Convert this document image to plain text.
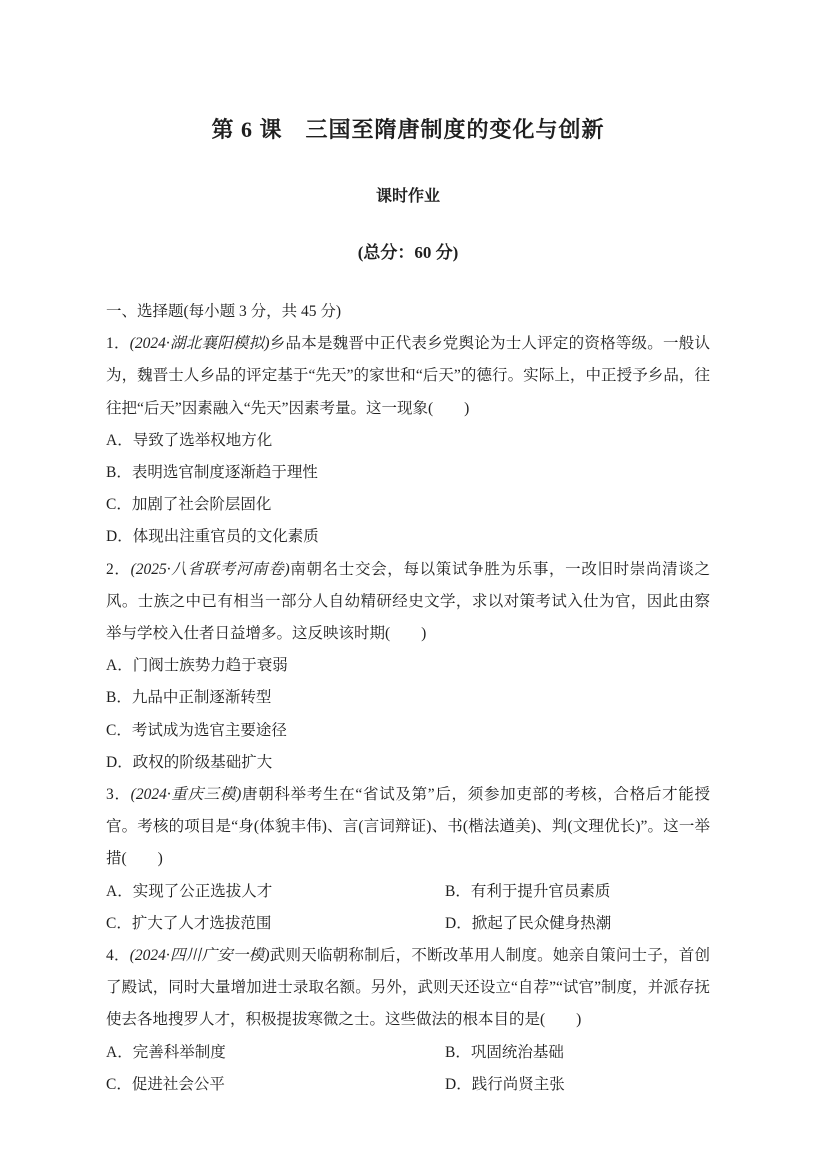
第 6 课　三国至隋唐制度的变化与创新
课时作业
(总分：60 分)
一、选择题(每小题 3 分，共 45 分)

1．(2024·湖北襄阳模拟)乡品本是魏晋中正代表乡党舆论为士人评定的资格等级。一般认为，魏晋士人乡品的评定基于“先天”的家世和“后天”的德行。实际上，中正授予乡品，往往把“后天”因素融入“先天”因素考量。这一现象(　　)

A．导致了选举权地方化

B．表明选官制度逐渐趋于理性

C．加剧了社会阶层固化

D．体现出注重官员的文化素质

2．(2025·八省联考河南卷)南朝名士交会，每以策试争胜为乐事，一改旧时崇尚清谈之风。士族之中已有相当一部分人自幼精研经史文学，求以对策考试入仕为官，因此由察举与学校入仕者日益增多。这反映该时期(　　)

A．门阀士族势力趋于衰弱

B．九品中正制逐渐转型

C．考试成为选官主要途径

D．政权的阶级基础扩大

3．(2024·重庆三模)唐朝科举考生在“省试及第”后，须参加吏部的考核，合格后才能授官。考核的项目是“身(体貌丰伟)、言(言词辩证)、书(楷法遒美)、判(文理优长)”。这一举措(　　)

A．实现了公正选拔人才	B．有利于提升官员素质

C．扩大了人才选拔范围	D．掀起了民众健身热潮

4．(2024·四川广安一模)武则天临朝称制后，不断改革用人制度。她亲自策问士子，首创了殿试，同时大量增加进士录取名额。另外，武则天还设立“自荐”“试官”制度，并派存抚使去各地搜罗人才，积极提拔寒微之士。这些做法的根本目的是(　　)

A．完善科举制度	B．巩固统治基础

C．促进社会公平	D．践行尚贤主张
